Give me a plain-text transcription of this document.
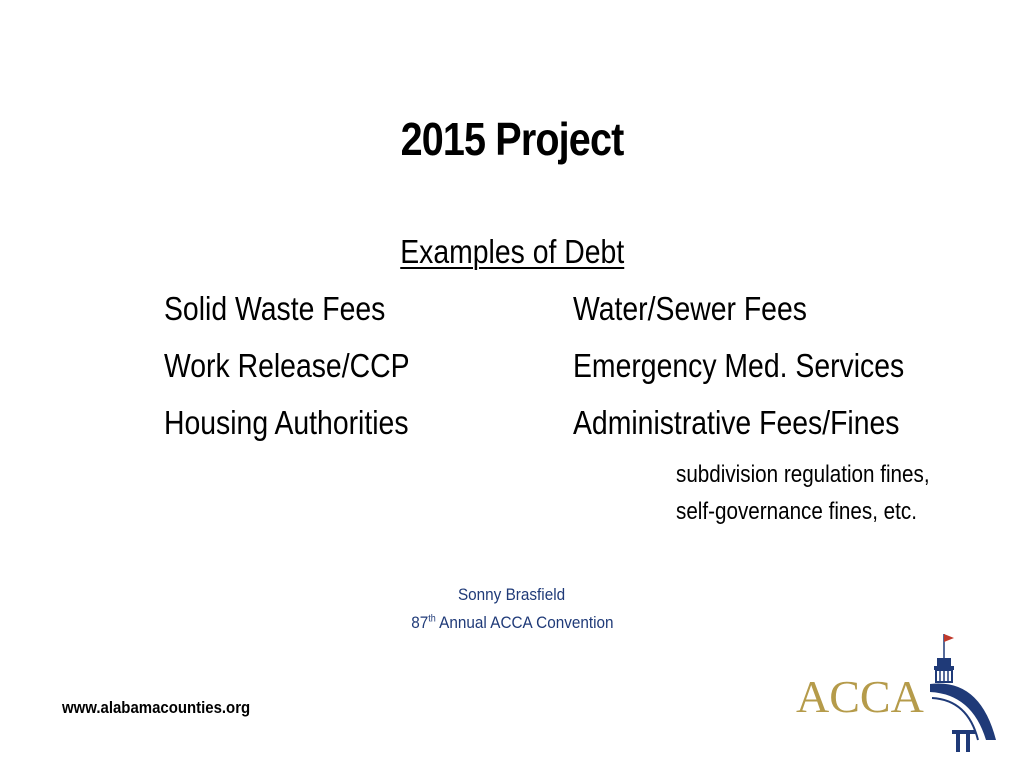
2015 Project
Examples of Debt
Solid Waste Fees
Work Release/CCP
Housing Authorities
Water/Sewer Fees
Emergency Med. Services
Administrative Fees/Fines
subdivision regulation fines,
self-governance fines, etc.
Sonny Brasfield
87th Annual ACCA Convention
www.alabamacounties.org	ACCA
